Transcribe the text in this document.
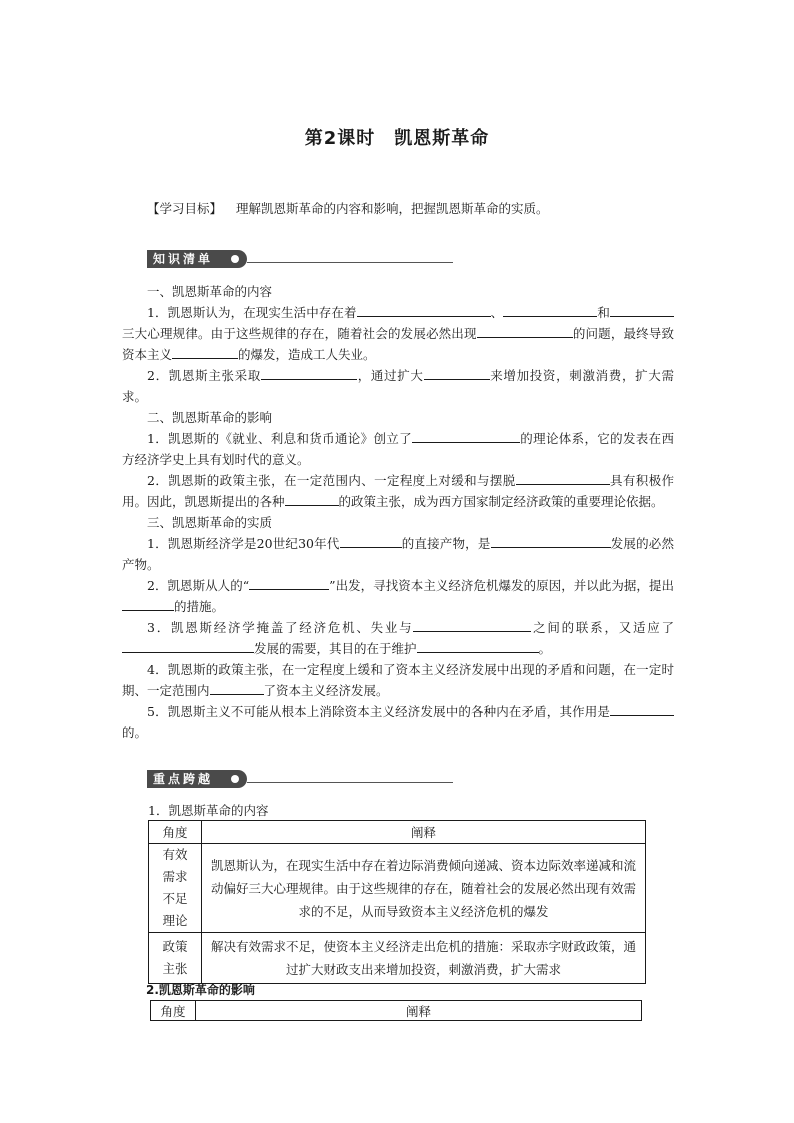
第2课时　凯恩斯革命
【学习目标】 理解凯恩斯革命的内容和影响，把握凯恩斯革命的实质。
知识清单

一、凯恩斯革命的内容

1．凯恩斯认为，在现实生活中存在着	、	和三大心理规律。由于这些规律的存在，随着社会的发展必然出现	的问题，最终导致资本主义	的爆发，造成工人失业。

2．凯恩斯主张采取	，通过扩大	来增加投资，刺激消费，扩大需求。

二、凯恩斯革命的影响

1．凯恩斯的《就业、利息和货币通论》创立了	的理论体系，它的发表在西方经济学史上具有划时代的意义。

2．凯恩斯的政策主张，在一定范围内、一定程度上对缓和与摆脱	具有积极作用。因此，凯恩斯提出的各种	的政策主张，成为西方国家制定经济政策的重要理论依据。

三、凯恩斯革命的实质

1．凯恩斯经济学是20世纪30年代	的直接产物，是	发展的必然产物。

2．凯恩斯从人的“	”出发，寻找资本主义经济危机爆发的原因，并以此为据，提出的措施。

3．凯恩斯经济学掩盖了经济危机、失业与	之间的联系，又适应了发展的需要，其目的在于维护	。

4．凯恩斯的政策主张，在一定程度上缓和了资本主义经济发展中出现的矛盾和问题，在一定时期、一定范围内	了资本主义经济发展。

5．凯恩斯主义不可能从根本上消除资本主义经济发展中的各种内在矛盾，其作用是的。

重点跨越
1．凯恩斯革命的内容
角度	阐释
有效
需求
不足
理论	凯恩斯认为，在现实生活中存在着边际消费倾向递减、资本边际效率递减和流动偏好三大心理规律。由于这些规律的存在，随着社会的发展必然出现有效需求的不足，从而导致资本主义经济危机的爆发
政策
主张	解决有效需求不足，使资本主义经济走出危机的措施：采取赤字财政政策，通过扩大财政支出来增加投资，刺激消费，扩大需求
2.凯恩斯革命的影响
角度	阐释
